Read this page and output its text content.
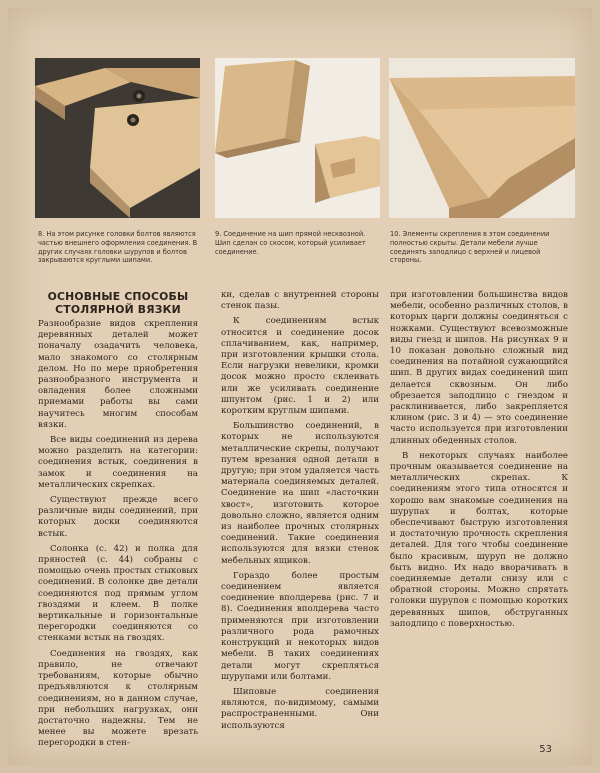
8. На этом рисунке головки болтов являются частью внешнего оформления соединения. В других случаях головки шурупов и болтов закрываются круглыми шипами.
9. Соединение на шип прямой несквозной. Шип сделан со скосом, который усиливает соединение.
10. Элементы скрепления в этом соединении полностью скрыты. Детали мебели лучше соединять заподлицо с верхней и лицевой стороны.
ОСНОВНЫЕ СПОСОБЫ СТОЛЯРНОЙ ВЯЗКИ

Разнообразие видов скрепления деревянных деталей может поначалу озадачить человека, мало знакомого со столярным делом. Но по мере приобретения разнообразного инструмента и овладения более сложными приемами работы вы сами научитесь многим способам вязки.

Все виды соединений из дерева можно разделить на категории: соединения встык, соединения в замок и соединения на металлических скрепках.

Существуют прежде всего различные виды соединений, при которых доски соединяются встык.

Солонка (с. 42) и полка для пряностей (с. 44) собраны с помощью очень простых стыковых соединений. В солонке две детали соединяются под прямым углом гвоздями и клеем. В полке вертикальные и горизонтальные перегородки соединяются со стенками встык на гвоздях.

Соединения на гвоздях, как правило, не отвечают требованиям, которые обычно предъявляются к столярным соединениям, но в данном случае, при небольших нагрузках, они достаточно надежны. Тем не менее вы можете врезать перегородки в стен-

ки, сделав с внутренней стороны стенок пазы.

К соединениям встык относится и соединение досок сплачиванием, как, например, при изготовлении крышки стола. Если нагрузки невелики, кромки досок можно просто склеивать или же усиливать соединение шпунтом (рис. 1 и 2) или коротким круглым шипами.

Большинство соединений, в которых не используются металлические скрепы, получают путем врезания одной детали в другую; при этом удаляется часть материала соединяемых деталей. Соединение на шип «ласточкин хвост», изготовить которое довольно сложно, является одним из наиболее прочных столярных соединений. Такие соединения используются для вязки стенок мебельных ящиков.

Гораздо более простым соединением является соединение вполдерева (рис. 7 и 8). Соединения вполдерева часто применяются при изготовлении различного рода рамочных конструкций и некоторых видов мебели. В таких соединениях детали могут скрепляться шурупами или болтами.

Шиповые соединения являются, по-видимому, самыми распространенными. Они используются

при изготовлении большинства видов мебели, особенно различных столов, в которых царги должны соединяться с ножками. Существуют всевозможные виды гнезд и шипов. На рисунках 9 и 10 показан довольно сложный вид соединения на потайной сужающийся шип. В других видах соединений шип делается сквозным. Он либо обрезается заподлицо с гнездом и расклинивается, либо закрепляется клином (рис. 3 и 4) — это соединение часто используется при изготовлении длинных обеденных столов.

В некоторых случаях наиболее прочным оказывается соединение на металлических скрепах. К соединениям этого типа относятся и хорошо вам знакомые соединения на шурупах и болтах, которые обеспечивают быструю изготовления и достаточную прочность скрепления деталей. Для того чтобы соединение было красивым, шуруп не должно быть видно. Их надо вворачивать в соединяемые детали снизу или с обратной стороны. Можно спрятать головки шурупов с помощью коротких деревянных шипов, обструганных заподлицо с поверхностью.

53
